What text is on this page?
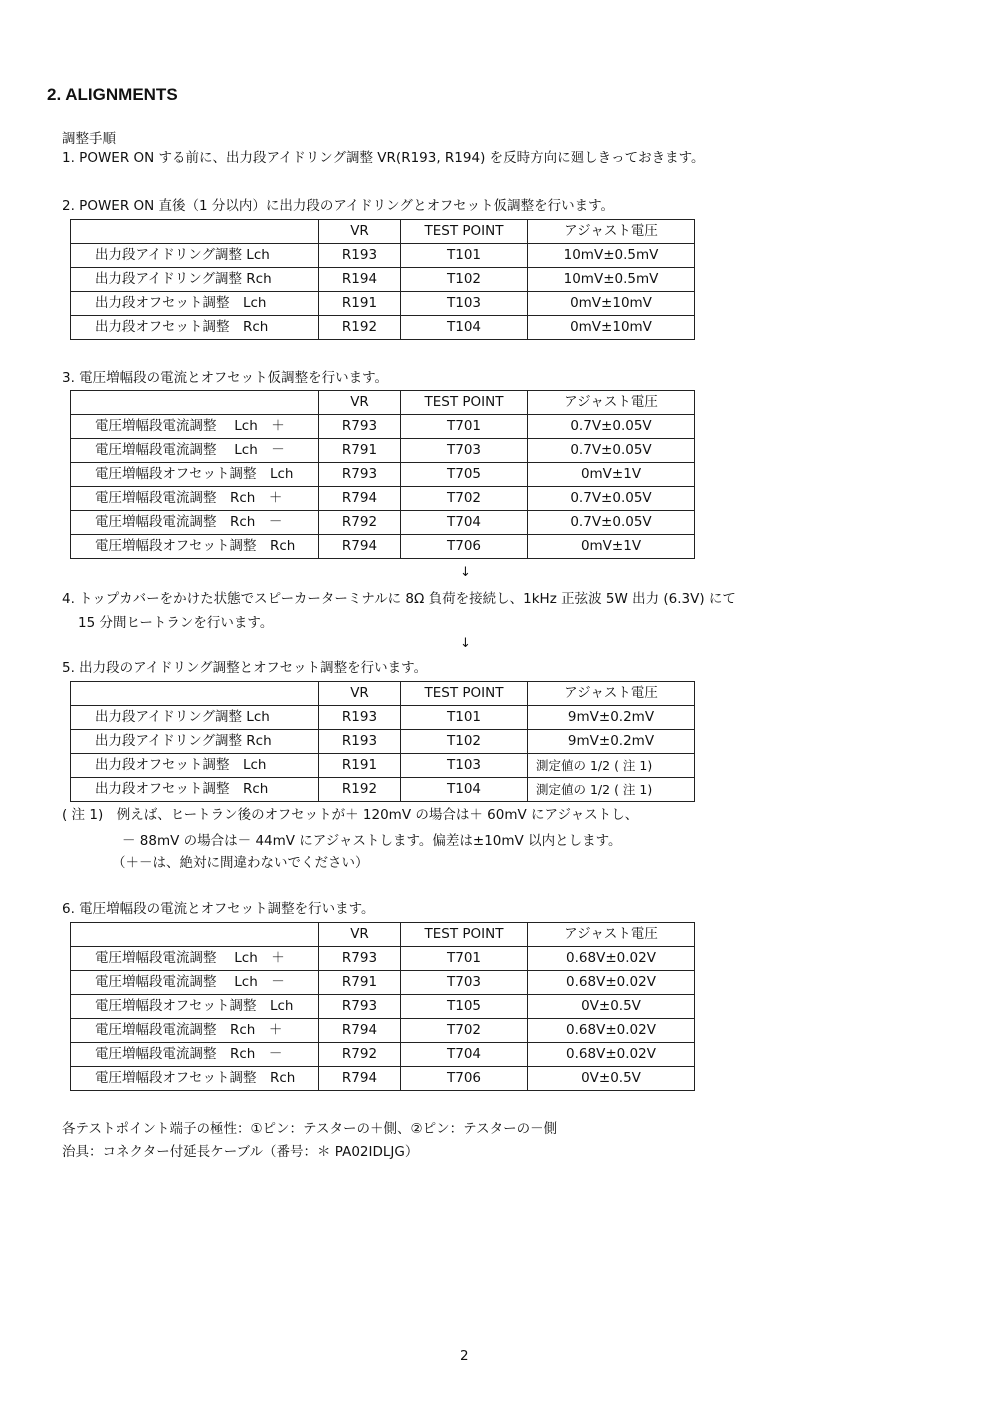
2. ALIGNMENTS
調整手順
1. POWER ON する前に、出力段アイドリング調整 VR(R193, R194) を反時方向に廻しきっておきます。
2. POWER ON 直後（1 分以内）に出力段のアイドリングとオフセット仮調整を行います。
	VR	TEST POINT	アジャスト電圧
出力段アイドリング調整 Lch	R193	T101	10mV±0.5mV
出力段アイドリング調整 Rch	R194	T102	10mV±0.5mV
出力段オフセット調整　Lch	R191	T103	0mV±10mV
出力段オフセット調整　Rch	R192	T104	0mV±10mV
3. 電圧増幅段の電流とオフセット仮調整を行います。
	VR	TEST POINT	アジャスト電圧
電圧増幅段電流調整　 Lch　＋	R793	T701	0.7V±0.05V
電圧増幅段電流調整　 Lch　－	R791	T703	0.7V±0.05V
電圧増幅段オフセット調整　Lch	R793	T705	0mV±1V
電圧増幅段電流調整　Rch　＋	R794	T702	0.7V±0.05V
電圧増幅段電流調整　Rch　－	R792	T704	0.7V±0.05V
電圧増幅段オフセット調整　Rch	R794	T706	0mV±1V
↓
4. トップカバーをかけた状態でスピーカーターミナルに 8Ω 負荷を接続し、1kHz 正弦波 5W 出力 (6.3V) にて
15 分間ヒートランを行います。
↓
5. 出力段のアイドリング調整とオフセット調整を行います。
	VR	TEST POINT	アジャスト電圧
出力段アイドリング調整 Lch	R193	T101	9mV±0.2mV
出力段アイドリング調整 Rch	R193	T102	9mV±0.2mV
出力段オフセット調整　Lch	R191	T103	測定値の 1/2 ( 注 1)
出力段オフセット調整　Rch	R192	T104	測定値の 1/2 ( 注 1)
( 注 1)　例えば、ヒートラン後のオフセットが＋ 120mV の場合は＋ 60mV にアジャストし、
－ 88mV の場合は－ 44mV にアジャストします。偏差は±10mV 以内とします。
（＋－は、絶対に間違わないでください）
6. 電圧増幅段の電流とオフセット調整を行います。
	VR	TEST POINT	アジャスト電圧
電圧増幅段電流調整　 Lch　＋	R793	T701	0.68V±0.02V
電圧増幅段電流調整　 Lch　－	R791	T703	0.68V±0.02V
電圧増幅段オフセット調整　Lch	R793	T105	0V±0.5V
電圧増幅段電流調整　Rch　＋	R794	T702	0.68V±0.02V
電圧増幅段電流調整　Rch　－	R792	T704	0.68V±0.02V
電圧増幅段オフセット調整　Rch	R794	T706	0V±0.5V
各テストポイント端子の極性：①ピン：テスターの＋側、②ピン：テスターの－側
治具：コネクター付延長ケーブル（番号：＊ PA02IDLJG）
2
